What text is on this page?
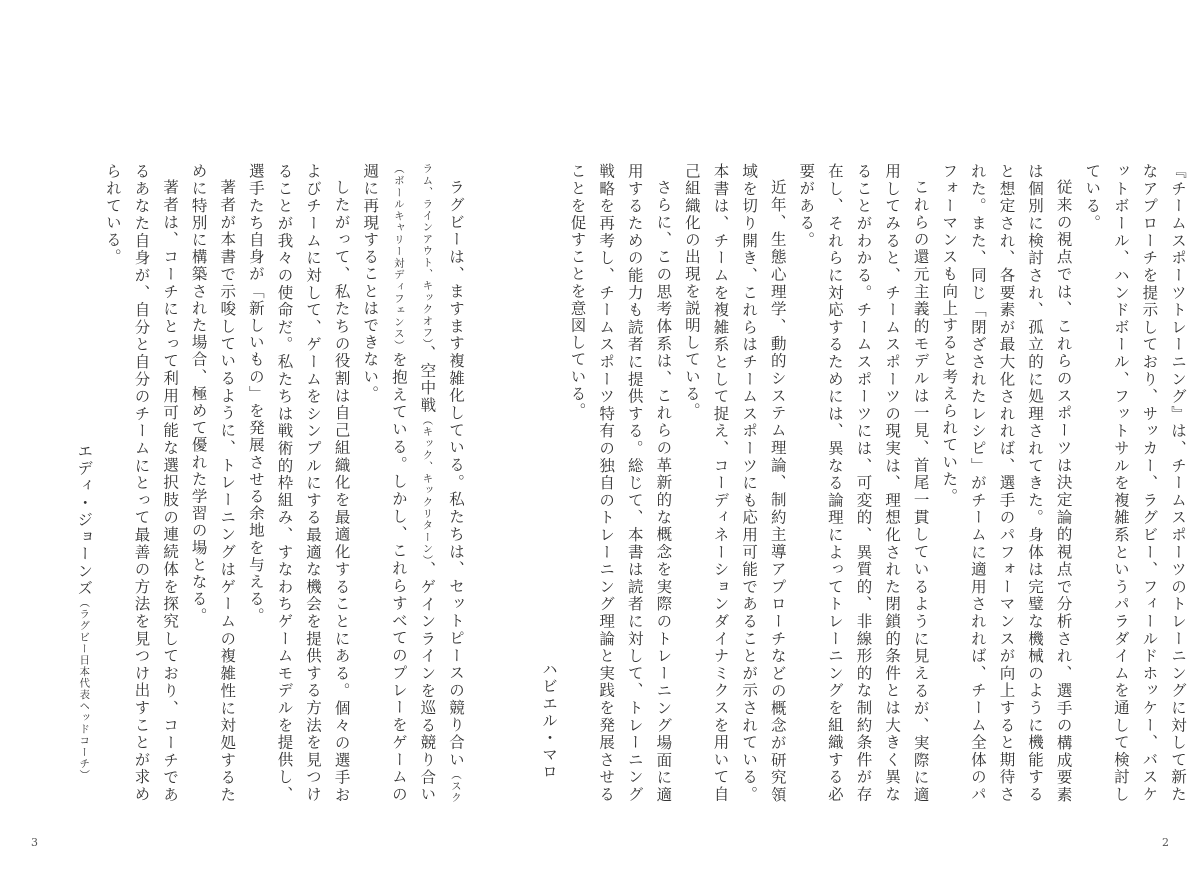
『チームスポーツトレーニング』は、チームスポーツのトレーニングに対して新たなアプローチを提示しており、サッカー、ラグビー、フィールドホッケー、バスケットボール、ハンドボール、フットサルを複雑系というパラダイムを通して検討している。

従来の視点では、これらのスポーツは決定論的視点で分析され、選手の構成要素は個別に検討され、孤立的に処理されてきた。身体は完璧な機械のように機能すると想定され、各要素が最大化されれば、選手のパフォーマンスが向上すると期待された。また、同じ「閉ざされたレシピ」がチームに適用されれば、チーム全体のパフォーマンスも向上すると考えられていた。

これらの還元主義的モデルは一見、首尾一貫しているように見えるが、実際に適用してみると、チームスポーツの現実は、理想化された閉鎖的条件とは大きく異なることがわかる。チームスポーツには、可変的、異質的、非線形的な制約条件が存在し、それらに対応するためには、異なる論理によってトレーニングを組織する必要がある。

近年、生態心理学、動的システム理論、制約主導アプローチなどの概念が研究領域を切り開き、これらはチームスポーツにも応用可能であることが示されている。本書は、チームを複雑系として捉え、コーディネーションダイナミクスを用いて自己組織化の出現を説明している。

さらに、この思考体系は、これらの革新的な概念を実際のトレーニング場面に適用するための能力も読者に提供する。総じて、本書は読者に対して、トレーニング戦略を再考し、チームスポーツ特有の独自のトレーニング理論と実践を発展させることを促すことを意図している。

ハビエル・マロ

2

ラグビーは、ますます複雑化している。私たちは、セットピースの競り合い（スクラム、ラインアウト、キックオフ）、空中戦（キック、キックリターン）、ゲインラインを巡る競り合い（ボールキャリー対ディフェンス）を抱えている。しかし、これらすべてのプレーをゲームの週に再現することはできない。

したがって、私たちの役割は自己組織化を最適化することにある。個々の選手およびチームに対して、ゲームをシンプルにする最適な機会を提供する方法を見つけることが我々の使命だ。私たちは戦術的枠組み、すなわちゲームモデルを提供し、選手たち自身が「新しいもの」を発展させる余地を与える。

著者が本書で示唆しているように、トレーニングはゲームの複雑性に対処するために特別に構築された場合、極めて優れた学習の場となる。

著者は、コーチにとって利用可能な選択肢の連続体を探究しており、コーチであるあなた自身が、自分と自分のチームにとって最善の方法を見つけ出すことが求められている。

エディ・ジョーンズ（ラグビー日本代表ヘッドコーチ）

3
